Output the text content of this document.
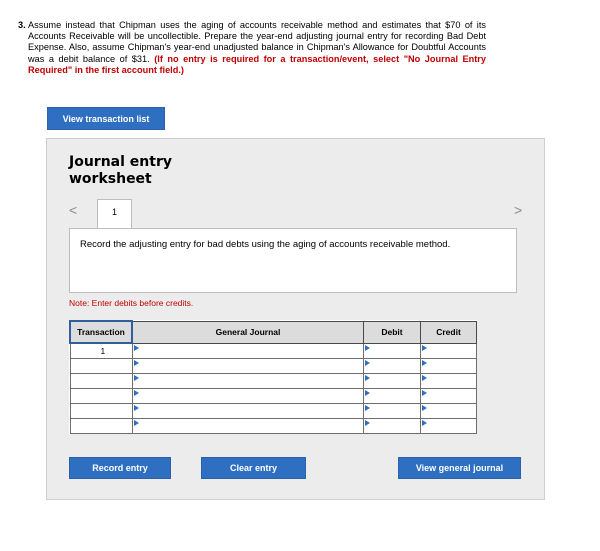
3. Assume instead that Chipman uses the aging of accounts receivable method and estimates that $70 of its Accounts Receivable will be uncollectible. Prepare the year-end adjusting journal entry for recording Bad Debt Expense. Also, assume Chipman's year-end unadjusted balance in Chipman's Allowance for Doubtful Accounts was a debit balance of $31. (If no entry is required for a transaction/event, select "No Journal Entry Required" in the first account field.)
View transaction list
Journal entry worksheet
<	1	>
Record the adjusting entry for bad debts using the aging of accounts receivable method.
Note: Enter debits before credits.
Transaction	General Journal	Debit	Credit
1	

Record entry	Clear entry	View general journal
